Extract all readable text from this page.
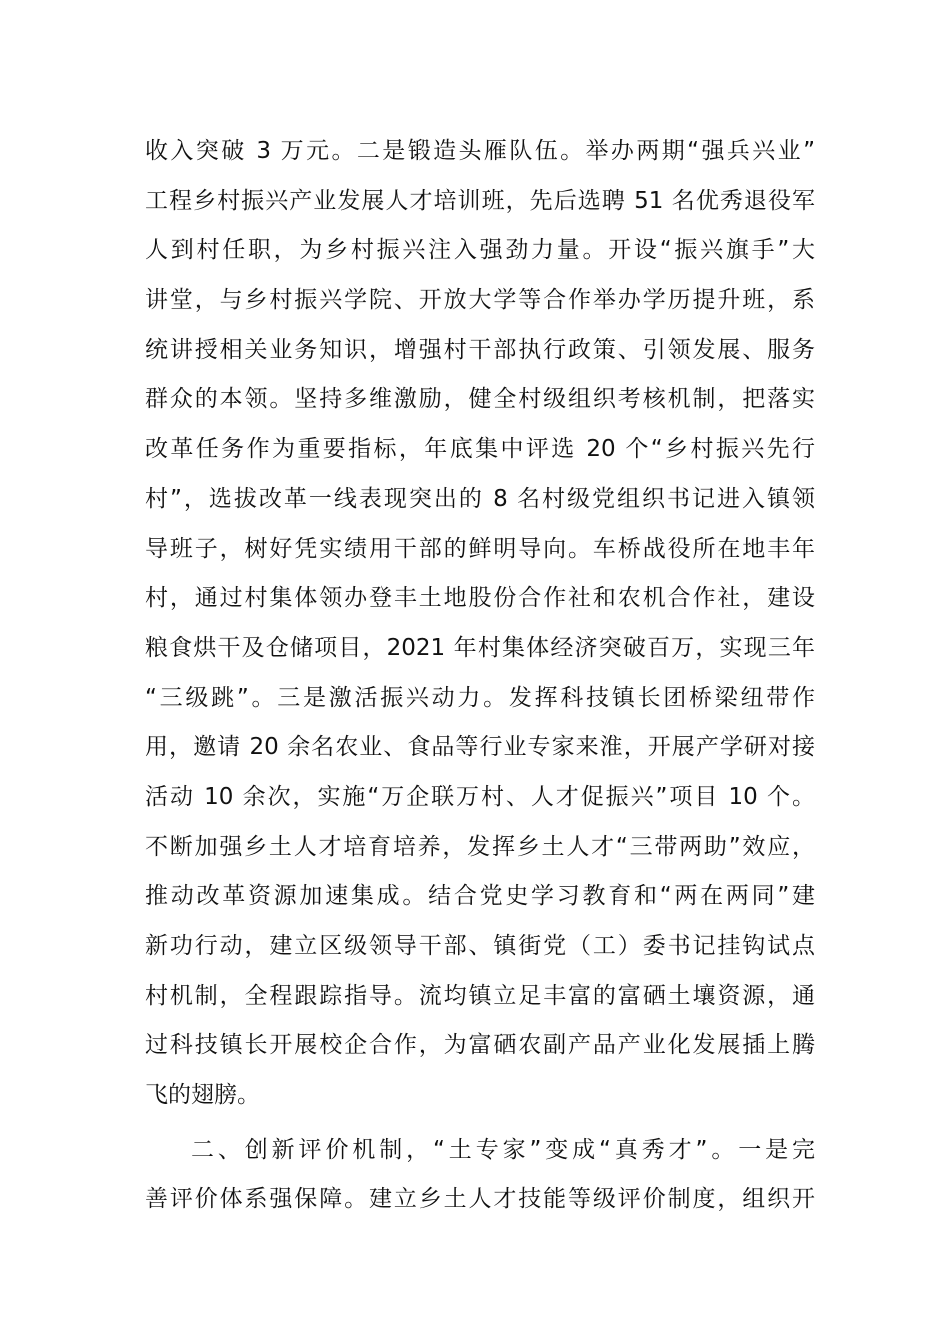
收入突破 3 万元。二是锻造头雁队伍。举办两期“强兵兴业”
工程乡村振兴产业发展人才培训班，先后选聘 51 名优秀退役军
人到村任职，为乡村振兴注入强劲力量。开设“振兴旗手”大
讲堂，与乡村振兴学院、开放大学等合作举办学历提升班，系
统讲授相关业务知识，增强村干部执行政策、引领发展、服务
群众的本领。坚持多维激励，健全村级组织考核机制，把落实
改革任务作为重要指标，年底集中评选 20 个“乡村振兴先行
村”，选拔改革一线表现突出的 8 名村级党组织书记进入镇领
导班子，树好凭实绩用干部的鲜明导向。车桥战役所在地丰年
村，通过村集体领办登丰土地股份合作社和农机合作社，建设
粮食烘干及仓储项目，2021 年村集体经济突破百万，实现三年
“三级跳”。三是激活振兴动力。发挥科技镇长团桥梁纽带作
用，邀请 20 余名农业、食品等行业专家来淮，开展产学研对接
活动 10 余次，实施“万企联万村、人才促振兴”项目 10 个。
不断加强乡土人才培育培养，发挥乡土人才“三带两助”效应，
推动改革资源加速集成。结合党史学习教育和“两在两同”建
新功行动，建立区级领导干部、镇街党（工）委书记挂钩试点
村机制，全程跟踪指导。流均镇立足丰富的富硒土壤资源，通
过科技镇长开展校企合作，为富硒农副产品产业化发展插上腾
飞的翅膀。
二、创新评价机制，“土专家”变成“真秀才”。一是完
善评价体系强保障。建立乡土人才技能等级评价制度，组织开
